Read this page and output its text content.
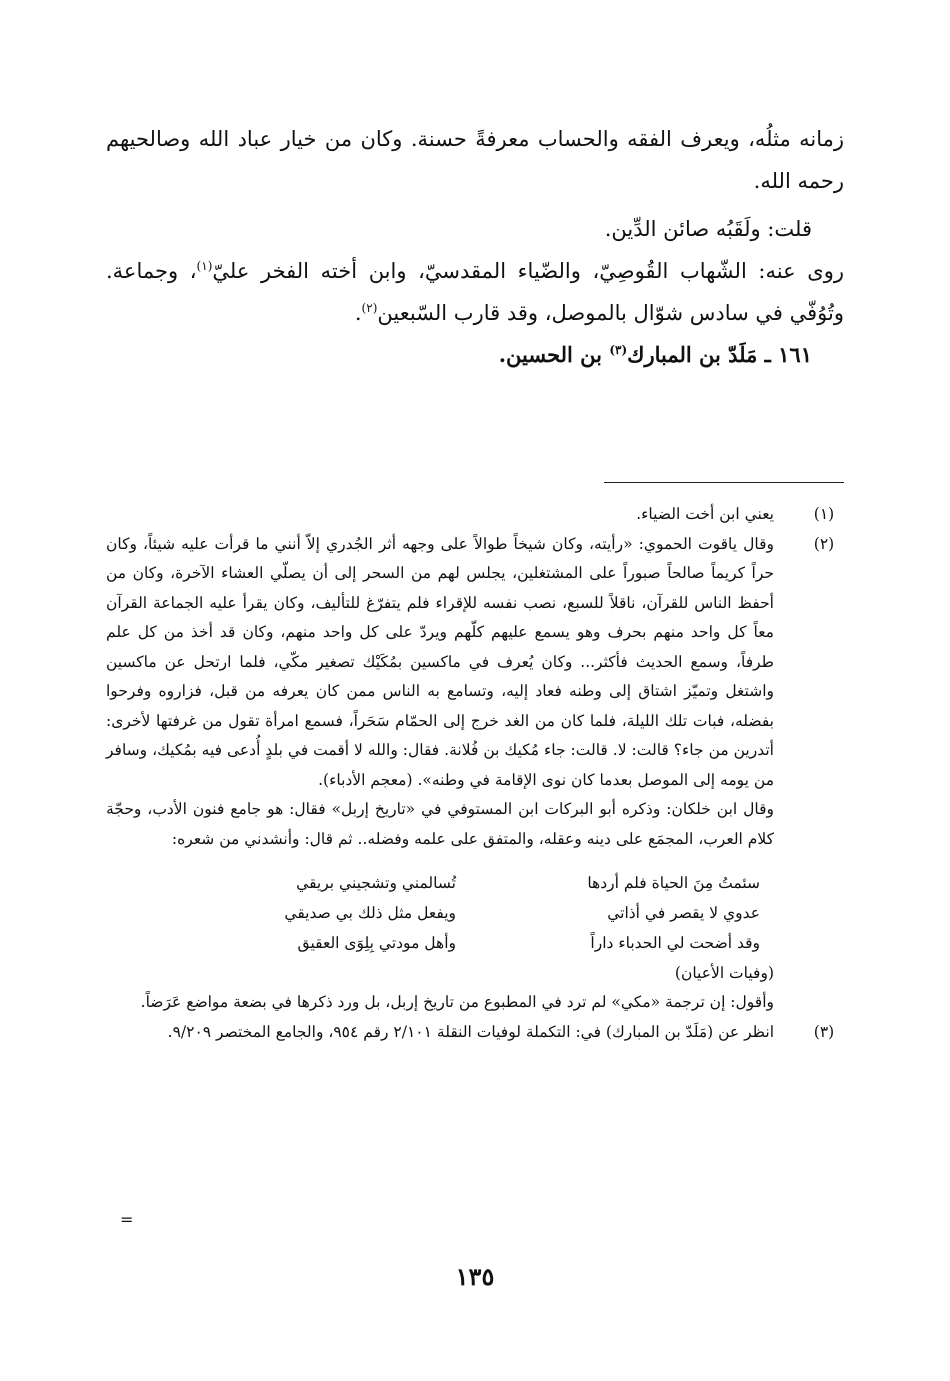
زمانه مثلُه، ويعرف الفقه والحساب معرفةً حسنة. وكان من خيار عباد الله وصالحيهم رحمه الله.

قلت: ولَقَبُه صائن الدِّين.

روى عنه: الشّهاب القُوصِيّ، والضّياء المقدسيّ، وابن أخته الفخر عليّ$^{(١)}$، وجماعة. وتُوُفّي في سادس شوّال بالموصل، وقد قارب السّبعين$^{(٢)}$.

١٦١ ـ مَلَدّ بن المبارك$^{(٣)}$ بن الحسين.

(١)

يعني ابن أخت الضياء.

(٢)

وقال ياقوت الحموي: «رأيته، وكان شيخاً طوالاً على وجهه أثر الجُدري إلاّ أنني ما قرأت عليه شيئاً، وكان حراً كريماً صالحاً صبوراً على المشتغلين، يجلس لهم من السحر إلى أن يصلّي العشاء الآخرة، وكان من أحفظ الناس للقرآن، ناقلاً للسبع، نصب نفسه للإقراء فلم يتفرّغ للتأليف، وكان يقرأ عليه الجماعة القرآن معاً كل واحد منهم بحرف وهو يسمع عليهم كلّهم ويردّ على كل واحد منهم، وكان قد أخذ من كل علم طرفاً، وسمع الحديث فأكثر... وكان يُعرف في ماكسين بمُكَيْك تصغير مكّي، فلما ارتحل عن ماكسين واشتغل وتميّز اشتاق إلى وطنه فعاد إليه، وتسامع به الناس ممن كان يعرفه من قبل، فزاروه وفرحوا بفضله، فبات تلك الليلة، فلما كان من الغد خرج إلى الحمّام سَحَراً، فسمع امرأة تقول من غرفتها لأخرى: أتدرين من جاء؟ قالت: لا. قالت: جاء مُكيك بن فُلانة. فقال: والله لا أقمت في بلدٍ أُدعى فيه بمُكيك، وسافر من يومه إلى الموصل بعدما كان نوى الإقامة في وطنه». (معجم الأدباء).

وقال ابن خلكان: وذكره أبو البركات ابن المستوفي في «تاريخ إربل» فقال: هو جامع فنون الأدب، وحجّة كلام العرب، المجمَع على دينه وعقله، والمتفق على علمه وفضله.. ثم قال: وأنشدني من شعره:

سئمتُ مِنَ الحياة فلم أردها
تُسالمني وتشجيني بريقي
عدوي لا يقصر في أذاتي
ويفعل مثل ذلك بي صديقي
وقد أضحت لي الحدباء داراً
وأهل مودتي بِلِوَى العقيق
(وفيات الأعيان)

وأقول: إن ترجمة «مكي» لم ترد في المطبوع من تاريخ إربل، بل ورد ذكرها في بضعة مواضع عَرَضاً.

(٣)

انظر عن (مَلَدّ بن المبارك) في: التكملة لوفيات النقلة ٢/١٠١ رقم ٩٥٤، والجامع المختصر ٩/٢٠٩.

=
١٣٥
